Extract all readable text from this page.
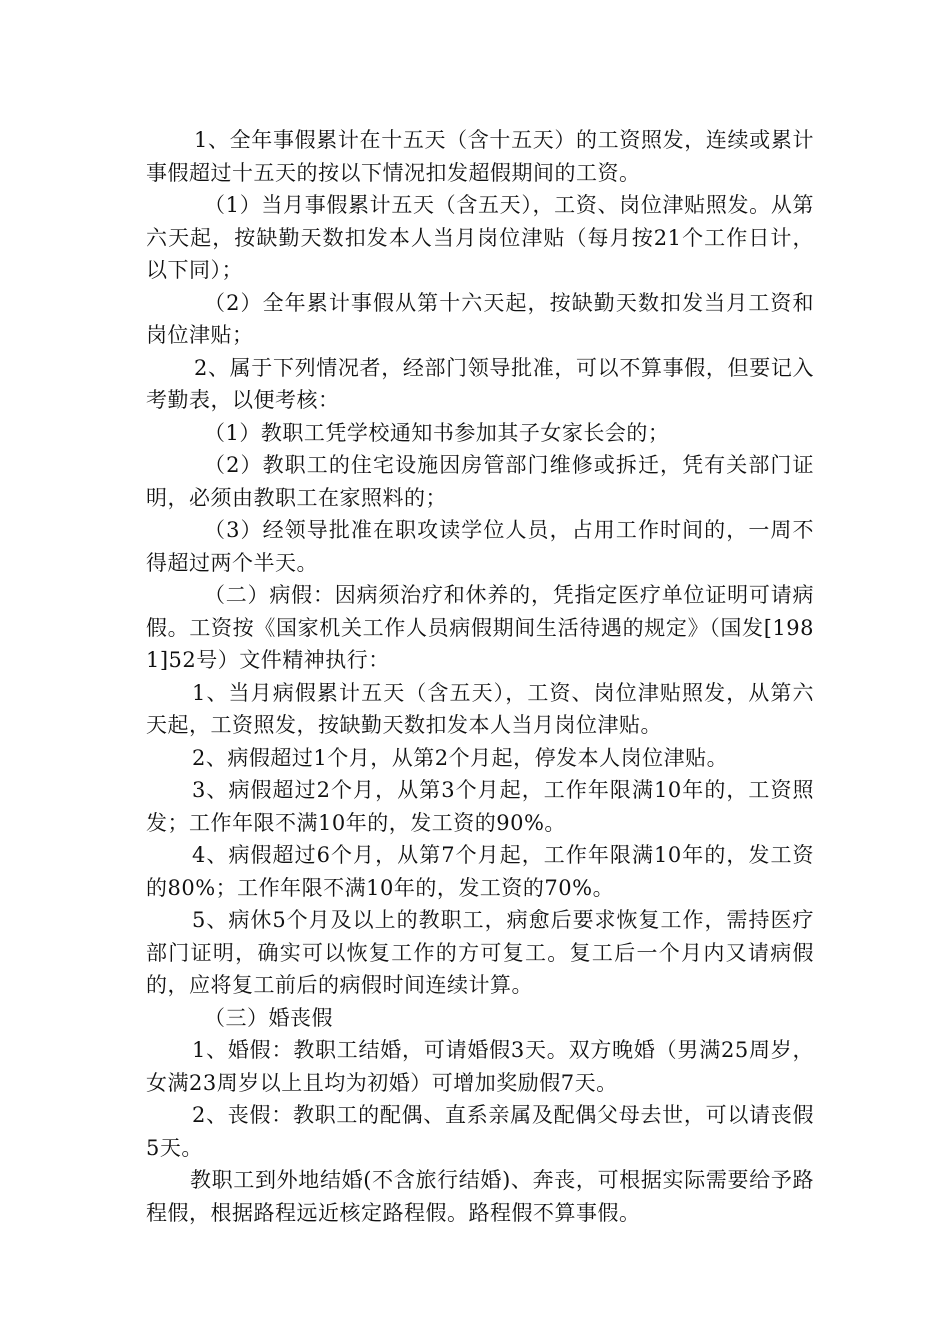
1、全年事假累计在十五天（含十五天）的工资照发，连续或累计事假超过十五天的按以下情况扣发超假期间的工资。

（1）当月事假累计五天（含五天），工资、岗位津贴照发。从第六天起，按缺勤天数扣发本人当月岗位津贴（每月按21个工作日计，以下同）；

（2）全年累计事假从第十六天起，按缺勤天数扣发当月工资和岗位津贴；

2、属于下列情况者，经部门领导批准，可以不算事假，但要记入考勤表，以便考核：

（1）教职工凭学校通知书参加其子女家长会的；

（2）教职工的住宅设施因房管部门维修或拆迁，凭有关部门证明，必须由教职工在家照料的；

（3）经领导批准在职攻读学位人员，占用工作时间的，一周不得超过两个半天。

（二）病假：因病须治疗和休养的，凭指定医疗单位证明可请病假。工资按《国家机关工作人员病假期间生活待遇的规定》（国发[1981]52号）文件精神执行：

1、当月病假累计五天（含五天），工资、岗位津贴照发，从第六天起，工资照发，按缺勤天数扣发本人当月岗位津贴。

2、病假超过1个月，从第2个月起，停发本人岗位津贴。

3、病假超过2个月，从第3个月起，工作年限满10年的，工资照发；工作年限不满10年的，发工资的90%。

4、病假超过6个月，从第7个月起，工作年限满10年的，发工资的80%；工作年限不满10年的，发工资的70%。

5、病休5个月及以上的教职工，病愈后要求恢复工作，需持医疗部门证明，确实可以恢复工作的方可复工。复工后一个月内又请病假的，应将复工前后的病假时间连续计算。

（三）婚丧假

1、婚假：教职工结婚，可请婚假3天。双方晚婚（男满25周岁，女满23周岁以上且均为初婚）可增加奖励假7天。

2、丧假：教职工的配偶、直系亲属及配偶父母去世，可以请丧假5天。

教职工到外地结婚(不含旅行结婚)、奔丧，可根据实际需要给予路程假，根据路程远近核定路程假。路程假不算事假。
